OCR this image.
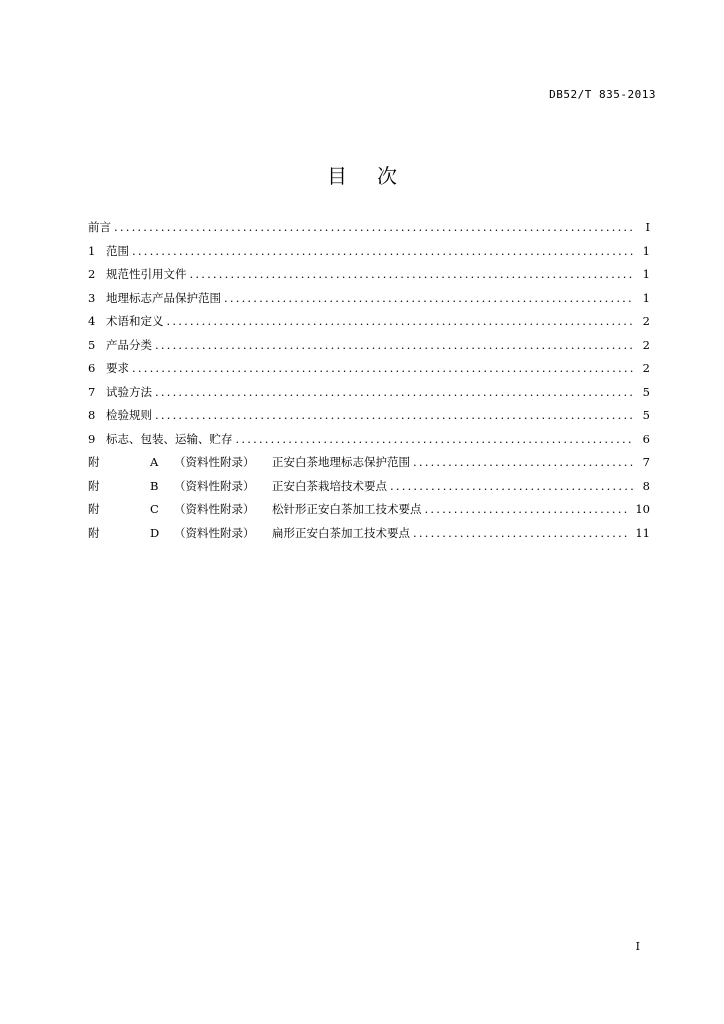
DB52/T 835-2013
目次
前言 .....	I
1 范围 .....	1
2 规范性引用文件 .....	1
3 地理标志产品保护范围 .....	1
4 术语和定义 .....	2
5 产品分类 .....	2
6 要求 .....	2
7 试验方法 .....	5
8 检验规则 .....	5
9 标志、包装、运输、贮存 .....	6
附	A	（资料性附录）	正安白茶地理标志保护范围 .....	7
附	B	（资料性附录）	正安白茶栽培技术要点 .....	8
附	C	（资料性附录）	松针形正安白茶加工技术要点 .....	10
附	D	（资料性附录）	扁形正安白茶加工技术要点 .....	11
I
